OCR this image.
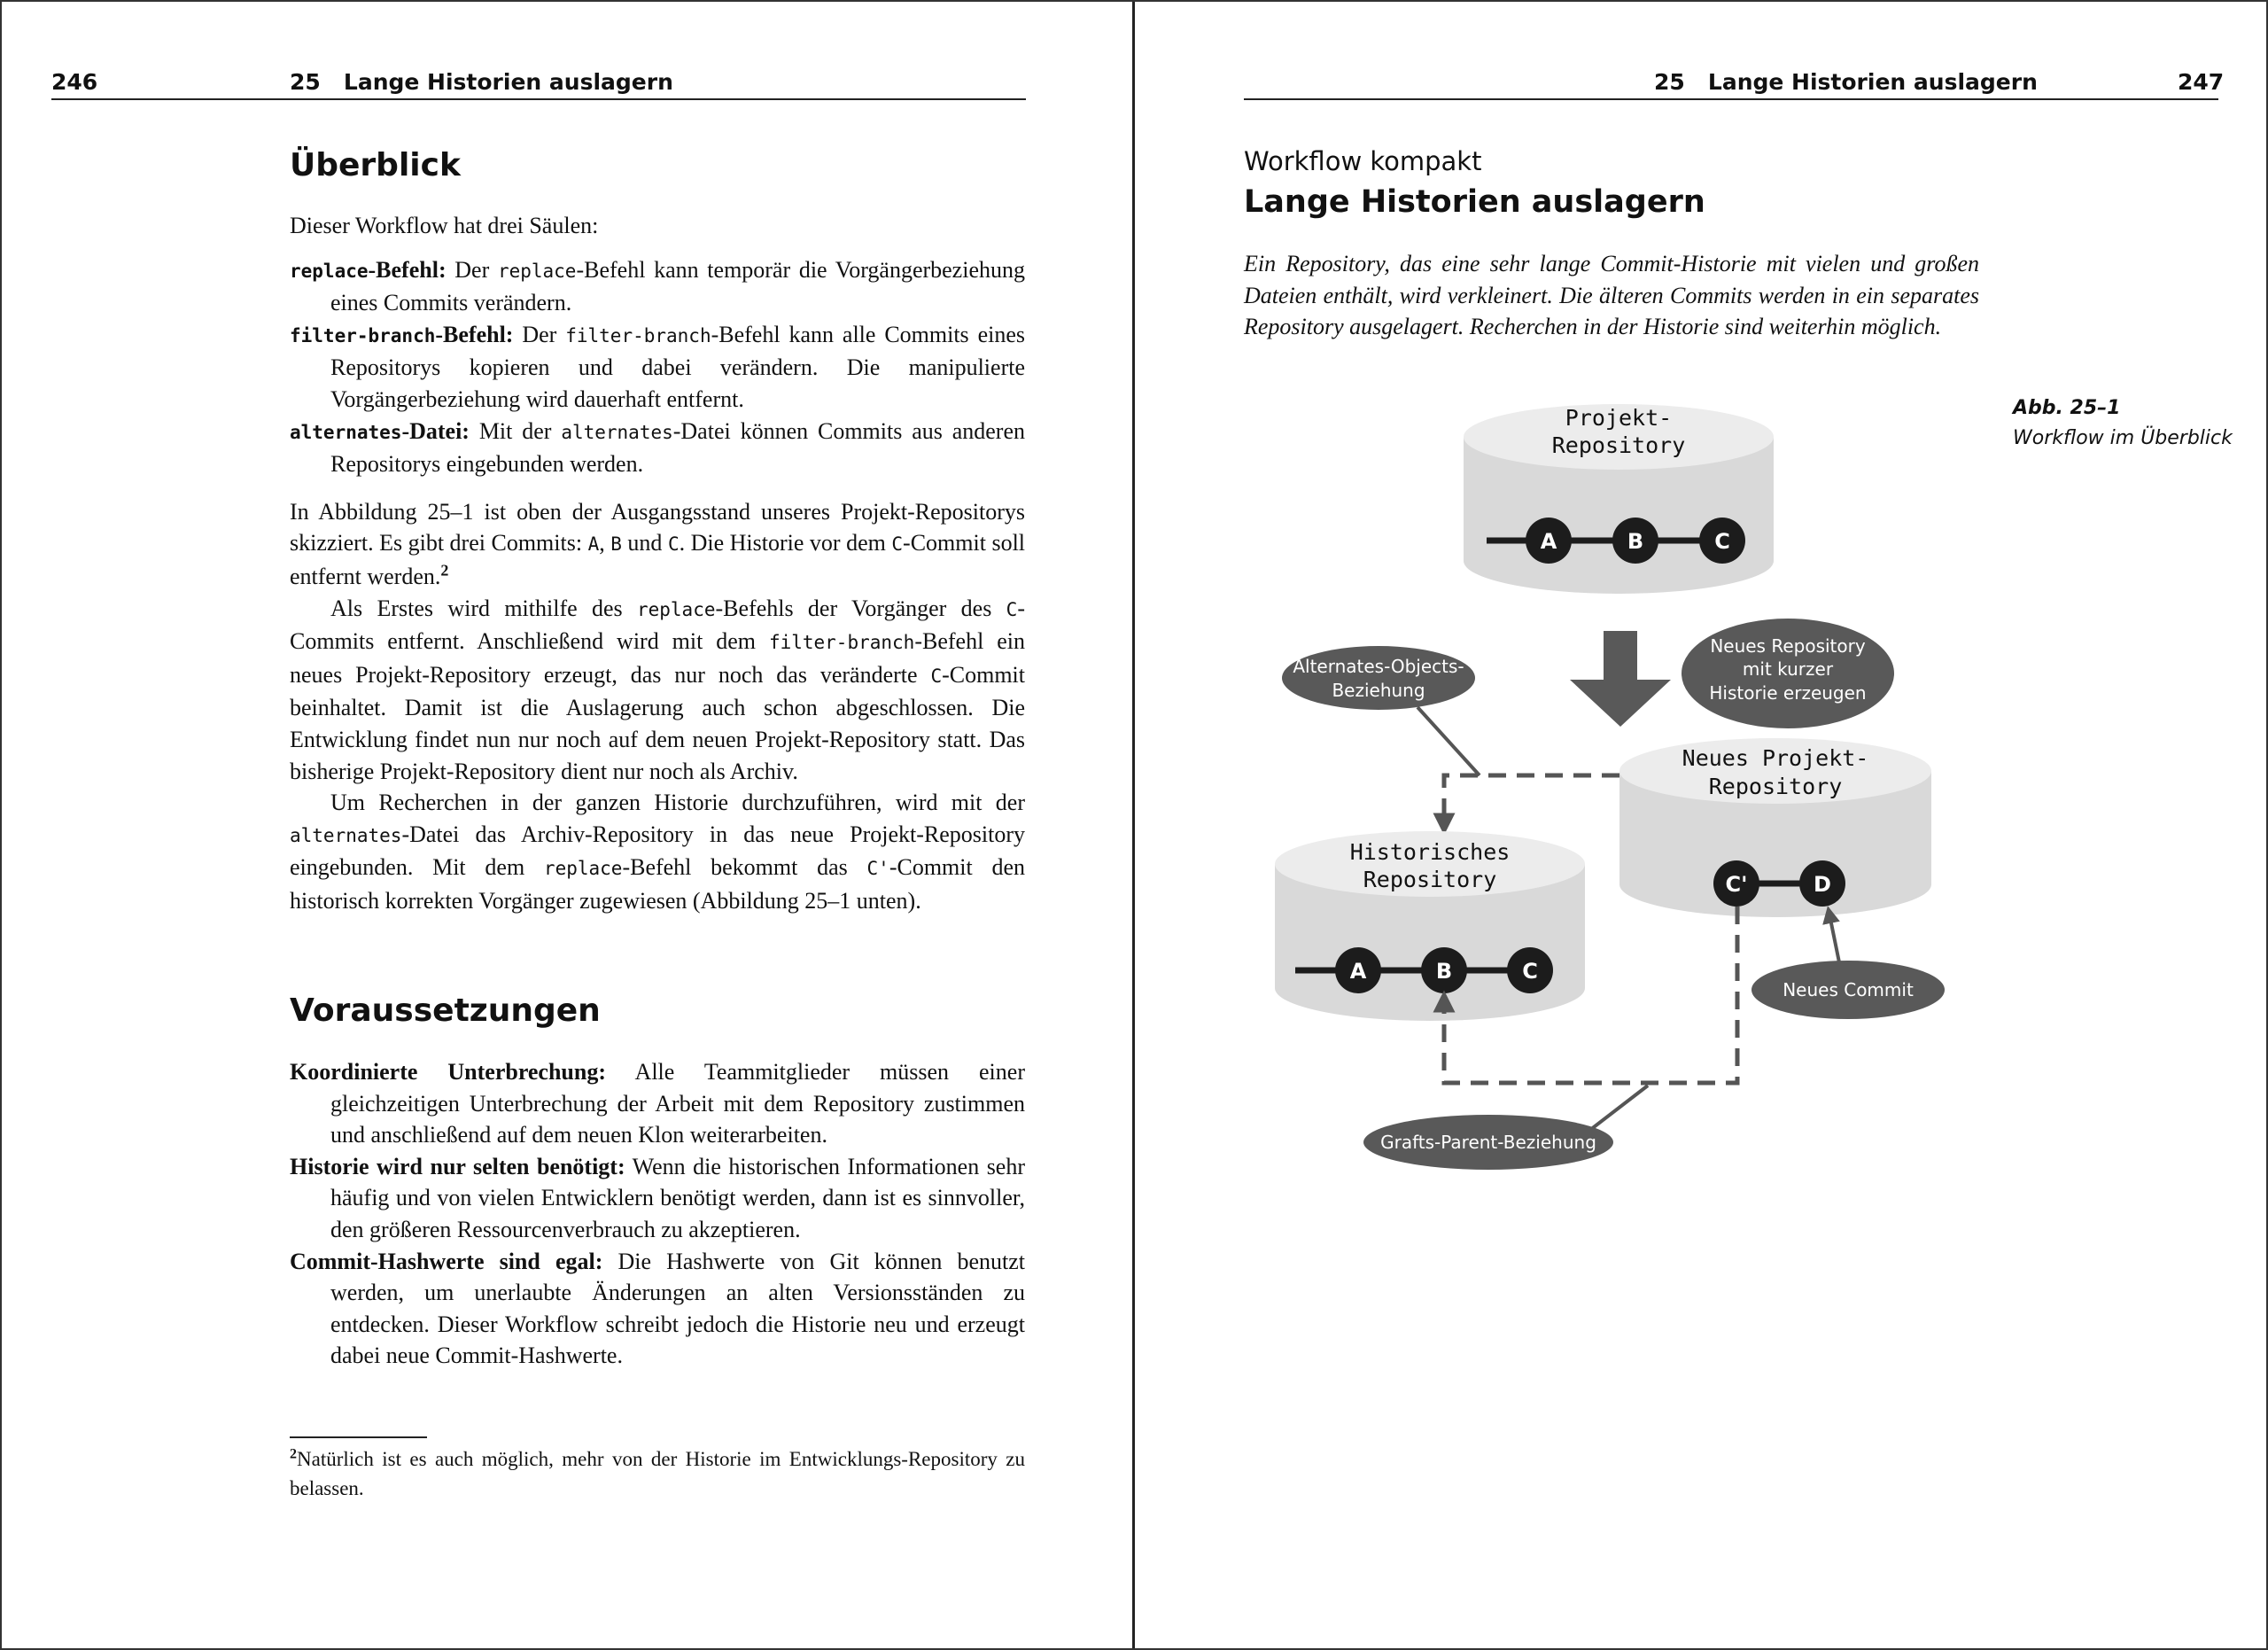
246	25   Lange Historien auslagern
Überblick

Dieser Workflow hat drei Säulen:

replace-Befehl: Der replace-Befehl kann temporär die Vorgängerbeziehung eines Commits verändern.

filter-branch-Befehl: Der filter-branch-Befehl kann alle Commits eines Repositorys kopieren und dabei verändern. Die manipulierte Vorgängerbeziehung wird dauerhaft entfernt.

alternates-Datei: Mit der alternates-Datei können Commits aus anderen Repositorys eingebunden werden.

In Abbildung 25–1 ist oben der Ausgangsstand unseres Projekt-Repositorys skizziert. Es gibt drei Commits: A, B und C. Die Historie vor dem C-Commit soll entfernt werden.$^2$

Als Erstes wird mithilfe des replace-Befehls der Vorgänger des C-Commits entfernt. Anschließend wird mit dem filter-branch-Befehl ein neues Projekt-Repository erzeugt, das nur noch das veränderte C-Commit beinhaltet. Damit ist die Auslagerung auch schon abgeschlossen. Die Entwicklung findet nun nur noch auf dem neuen Projekt-Repository statt. Das bisherige Projekt-Repository dient nur noch als Archiv.

Um Recherchen in der ganzen Historie durchzuführen, wird mit der alternates-Datei das Archiv-Repository in das neue Projekt-Repository eingebunden. Mit dem replace-Befehl bekommt das C'-Commit den historisch korrekten Vorgänger zugewiesen (Abbildung 25–1 unten).

Voraussetzungen

Koordinierte Unterbrechung: Alle Teammitglieder müssen einer gleichzeitigen Unterbrechung der Arbeit mit dem Repository zustimmen und anschließend auf dem neuen Klon weiterarbeiten.

Historie wird nur selten benötigt: Wenn die historischen Informationen sehr häufig und von vielen Entwicklern benötigt werden, dann ist es sinnvoller, den größeren Ressourcenverbrauch zu akzeptieren.

Commit-Hashwerte sind egal: Die Hashwerte von Git können benutzt werden, um unerlaubte Änderungen an alten Versionsständen zu entdecken. Dieser Workflow schreibt jedoch die Historie neu und erzeugt dabei neue Commit-Hashwerte.

$^2$Natürlich ist es auch möglich, mehr von der Historie im Entwicklungs-Repository zu belassen.
25   Lange Historien auslagern	247
Workflow kompakt
Lange Historien auslagern
Ein Repository, das eine sehr lange Commit-Historie mit vielen und großen Dateien enthält, wird verkleinert. Die älteren Commits werden in ein separates Repository ausgelagert. Recherchen in der Historie sind weiterhin möglich.
Abb. 25–1
Workflow im Überblick
Projekt-
Repository
A	B	C
Neues Repository
mit kurzer
Historie erzeugen
Alternates-Objects-
Beziehung
Neues Projekt-
Repository
C'	D
Historisches
Repository
A	B	C
Neues Commit
Grafts-Parent-Beziehung
